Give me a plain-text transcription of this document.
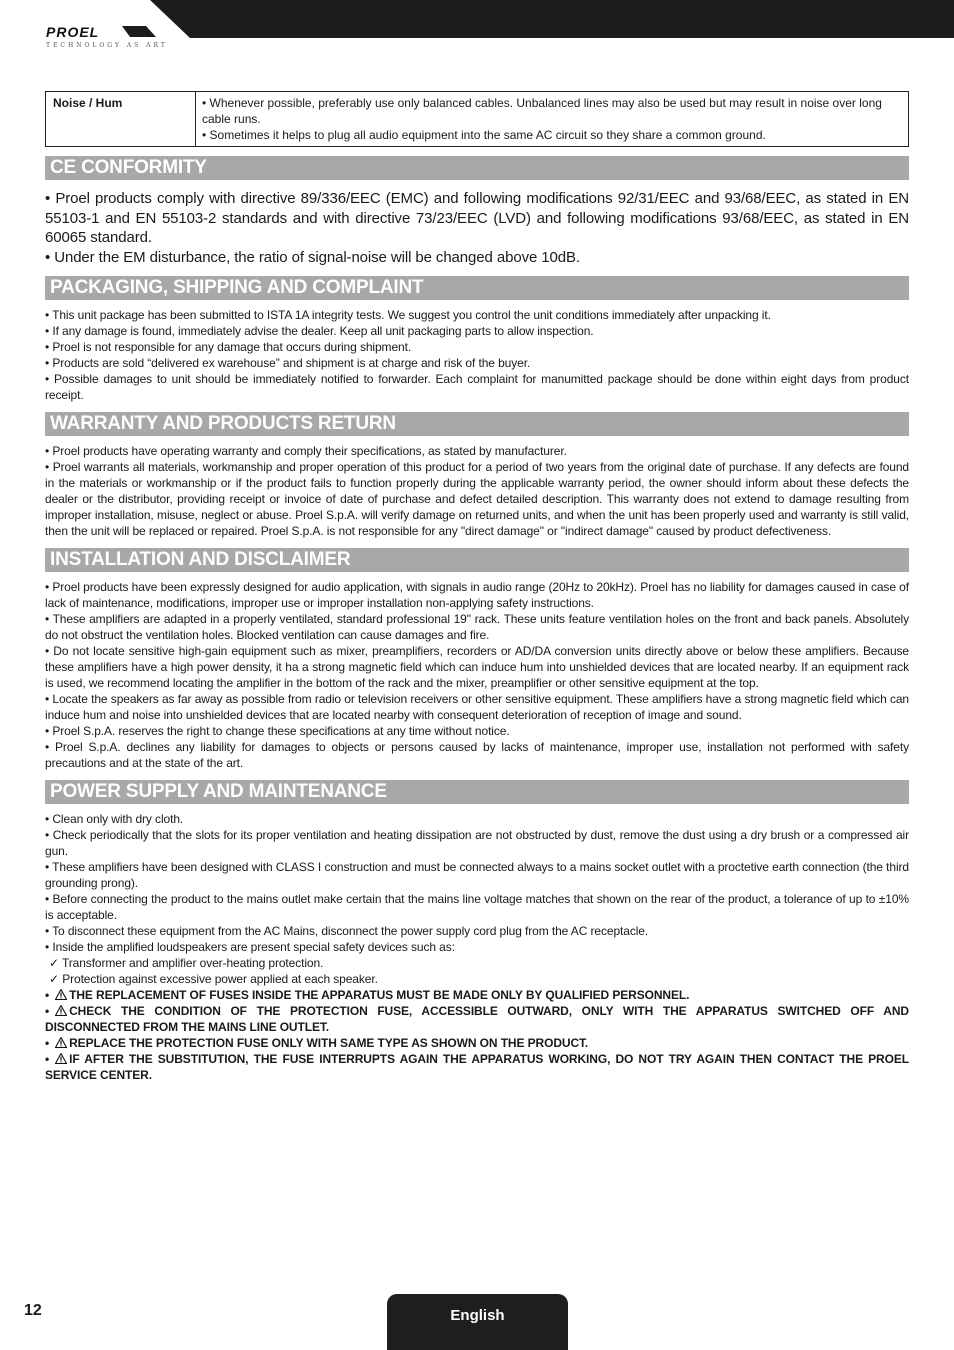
PROEL
TECHNOLOGY AS ART
Noise / Hum	• Whenever possible, preferably use only balanced cables. Unbalanced lines may also be used but may result in noise over long cable runs.
• Sometimes it helps to plug all audio equipment into the same AC circuit so they share a common ground.
CE CONFORMITY

• Proel products comply with directive 89/336/EEC (EMC) and following modifications 92/31/EEC and 93/68/EEC, as stated in EN 55103-1 and EN 55103-2 standards and with directive 73/23/EEC (LVD) and following modifications 93/68/EEC, as stated in EN 60065 standard.

• Under the EM disturbance, the ratio of signal-noise will be changed above 10dB.

PACKAGING, SHIPPING AND COMPLAINT

• This unit package has been submitted to ISTA 1A integrity tests. We suggest you control the unit conditions immediately after unpacking it.

• If any damage is found, immediately advise the dealer. Keep all unit packaging parts to allow inspection.

• Proel is not responsible for any damage that occurs during shipment.

• Products are sold “delivered ex warehouse” and shipment is at charge and risk of the buyer.

• Possible damages to unit should be immediately notified to forwarder. Each complaint for manumitted package should be done within eight days from product receipt.

WARRANTY AND PRODUCTS RETURN

• Proel products have operating warranty and comply their specifications, as stated by manufacturer.

• Proel warrants all materials, workmanship and proper operation of this product for a period of two years from the original date of purchase. If any defects are found in the materials or workmanship or if the product fails to function properly during the applicable warranty period, the owner should inform about these defects the dealer or the distributor, providing receipt or invoice of date of purchase and defect detailed description. This warranty does not extend to damage resulting from improper installation, misuse, neglect or abuse. Proel S.p.A. will verify damage on returned units, and when the unit has been properly used and warranty is still valid, then the unit will be replaced or repaired. Proel S.p.A. is not responsible for any "direct damage" or "indirect damage" caused by product defectiveness.

INSTALLATION AND DISCLAIMER

• Proel products have been expressly designed for audio application, with signals in audio range (20Hz to 20kHz). Proel has no liability for damages caused in case of lack of maintenance, modifications, improper use or improper installation non-applying safety instructions.

• These amplifiers are adapted in a properly ventilated, standard professional 19" rack. These units feature ventilation holes on the front and back panels. Absolutely do not obstruct the ventilation holes. Blocked ventilation can cause damages and fire.

• Do not locate sensitive high-gain equipment such as mixer, preamplifiers, recorders or AD/DA conversion units directly above or below these amplifiers. Because these amplifiers have a high power density, it ha a strong magnetic field which can induce hum into unshielded devices that are located nearby. If an equipment rack is used, we recommend locating the amplifier in the bottom of the rack and the mixer, preamplifier or other sensitive equipment at the top.

• Locate the speakers as far away as possible from radio or television receivers or other sensitive equipment. These amplifiers have a strong magnetic field which can induce hum and noise into unshielded devices that are located nearby with consequent deterioration of reception of image and sound.

• Proel S.p.A. reserves the right to change these specifications at any time without notice.

• Proel S.p.A. declines any liability for damages to objects or persons caused by lacks of maintenance, improper use, installation not performed with safety precautions and at the state of the art.

POWER SUPPLY AND MAINTENANCE

• Clean only with dry cloth.

• Check periodically that the slots for its proper ventilation and heating dissipation are not obstructed by dust, remove the dust using a dry brush or a compressed air gun.

• These amplifiers have been designed with CLASS I construction and must be connected always to a mains socket outlet with a proctetive earth connection (the third grounding prong).

• Before connecting the product to the mains outlet make certain that the mains line voltage matches that shown on the rear of the product, a tolerance of up to ±10% is acceptable.

• To disconnect these equipment from the AC Mains, disconnect the power supply cord plug from the AC receptacle.

• Inside the amplified loudspeakers are present special safety devices such as:

✓ Transformer and amplifier over-heating protection.

✓ Protection against excessive power applied at each speaker.

• THE REPLACEMENT OF FUSES INSIDE THE APPARATUS MUST BE MADE ONLY BY QUALIFIED PERSONNEL.

• CHECK THE CONDITION OF THE PROTECTION FUSE, ACCESSIBLE OUTWARD, ONLY WITH THE APPARATUS SWITCHED OFF AND DISCONNECTED FROM THE MAINS LINE OUTLET.

• REPLACE THE PROTECTION FUSE ONLY WITH SAME TYPE AS SHOWN ON THE PRODUCT.

• IF AFTER THE SUBSTITUTION, THE FUSE INTERRUPTS AGAIN THE APPARATUS WORKING, DO NOT TRY AGAIN THEN CONTACT THE PROEL SERVICE CENTER.

12	English
